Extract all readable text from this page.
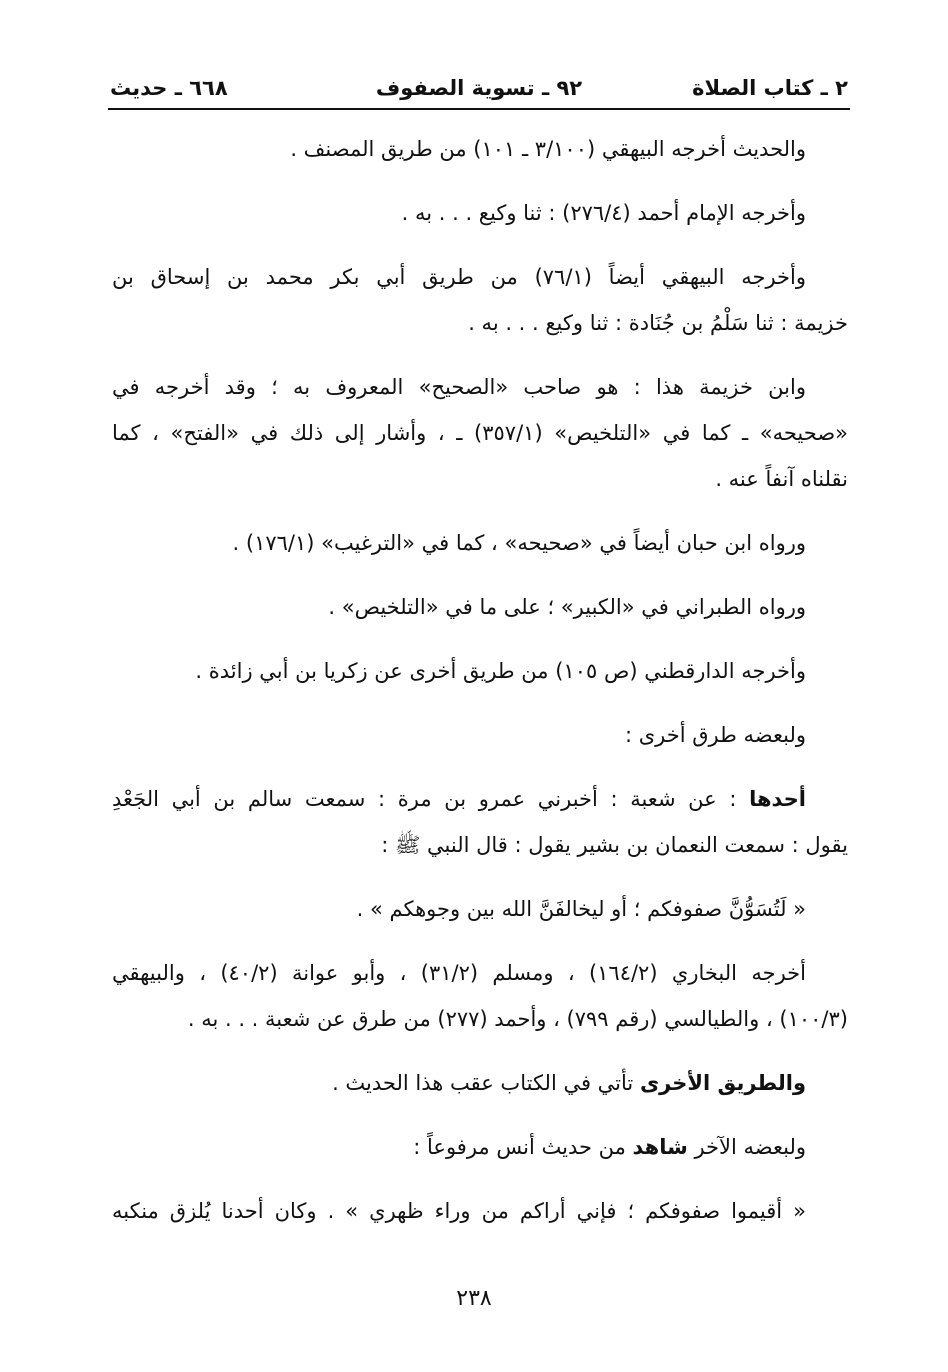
٢ ـ كتاب الصلاة
٩٢ ـ تسوية الصفوف
٦٦٨ ـ حديث
والحديث أخرجه البيهقي (٣/١٠٠ ـ ١٠١) من طريق المصنف .
وأخرجه الإمام أحمد (٢٧٦/٤) : ثنا وكيع . . . به .
وأخرجه البيهقي أيضاً (٧٦/١) من طريق أبي بكر محمد بن إسحاق بن
خزيمة : ثنا سَلْمُ بن جُنَادة : ثنا وكيع . . . به .
وابن خزيمة هذا : هو صاحب «الصحيح» المعروف به ؛ وقد أخرجه في
«صحيحه» ـ كما في «التلخيص» (٣٥٧/١) ـ ، وأشار إلى ذلك في «الفتح» ، كما
نقلناه آنفاً عنه .
ورواه ابن حبان أيضاً في «صحيحه» ، كما في «الترغيب» (١٧٦/١) .
ورواه الطبراني في «الكبير» ؛ على ما في «التلخيص» .
وأخرجه الدارقطني (ص ١٠٥) من طريق أخرى عن زكريا بن أبي زائدة .
ولبعضه طرق أخرى :
أحدها : عن شعبة : أخبرني عمرو بن مرة : سمعت سالم بن أبي الجَعْدِ
يقول : سمعت النعمان بن بشير يقول : قال النبي ﷺ :
« لَتُسَوُّنَّ صفوفكم ؛ أو ليخالفَنَّ الله بين وجوهكم » .
أخرجه البخاري (١٦٤/٢) ، ومسلم (٣١/٢) ، وأبو عوانة (٤٠/٢) ، والبيهقي
(١٠٠/٣) ، والطيالسي (رقم ٧٩٩) ، وأحمد (٢٧٧) من طرق عن شعبة . . . به .
والطريق الأخرى تأتي في الكتاب عقب هذا الحديث .
ولبعضه الآخر شاهد من حديث أنس مرفوعاً :
« أقيموا صفوفكم ؛ فإني أراكم من وراء ظهري » . وكان أحدنا يُلزق منكبه
٢٣٨
